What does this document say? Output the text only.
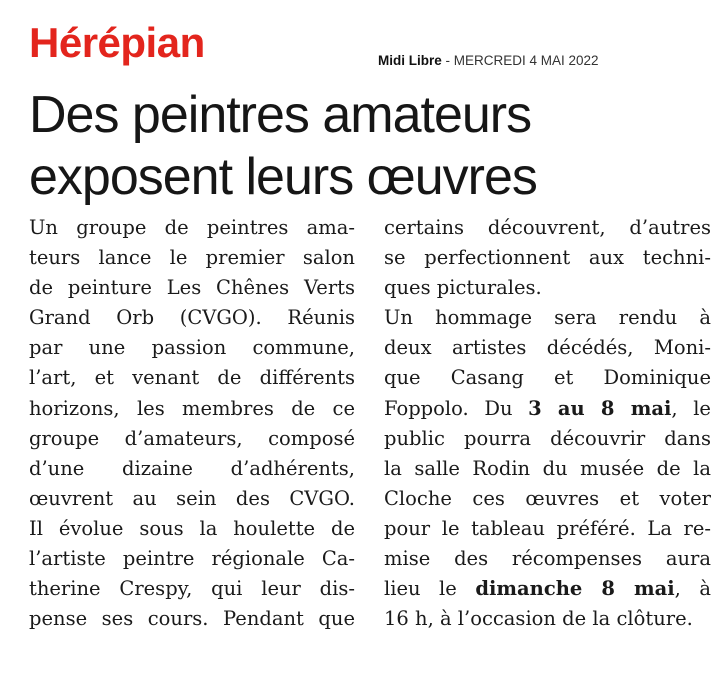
Hérépian	Midi Libre - MERCREDI 4 MAI 2022
Des peintres amateurs
exposent leurs œuvres
Un groupe de peintres ama-
teurs lance le premier salon
de peinture Les Chênes Verts
Grand Orb (CVGO). Réunis
par une passion commune,
l’art, et venant de différents
horizons, les membres de ce
groupe d’amateurs, composé
d’une dizaine d’adhérents,
œuvrent au sein des CVGO.
Il évolue sous la houlette de
l’artiste peintre régionale Ca-
therine Crespy, qui leur dis-
pense ses cours. Pendant que
certains découvrent, d’autres
se perfectionnent aux techni-
ques picturales.
Un hommage sera rendu à
deux artistes décédés, Moni-
que Casang et Dominique
Foppolo. Du 3 au 8 mai, le
public pourra découvrir dans
la salle Rodin du musée de la
Cloche ces œuvres et voter
pour le tableau préféré. La re-
mise des récompenses aura
lieu le dimanche 8 mai, à
16 h, à l’occasion de la clôture.
